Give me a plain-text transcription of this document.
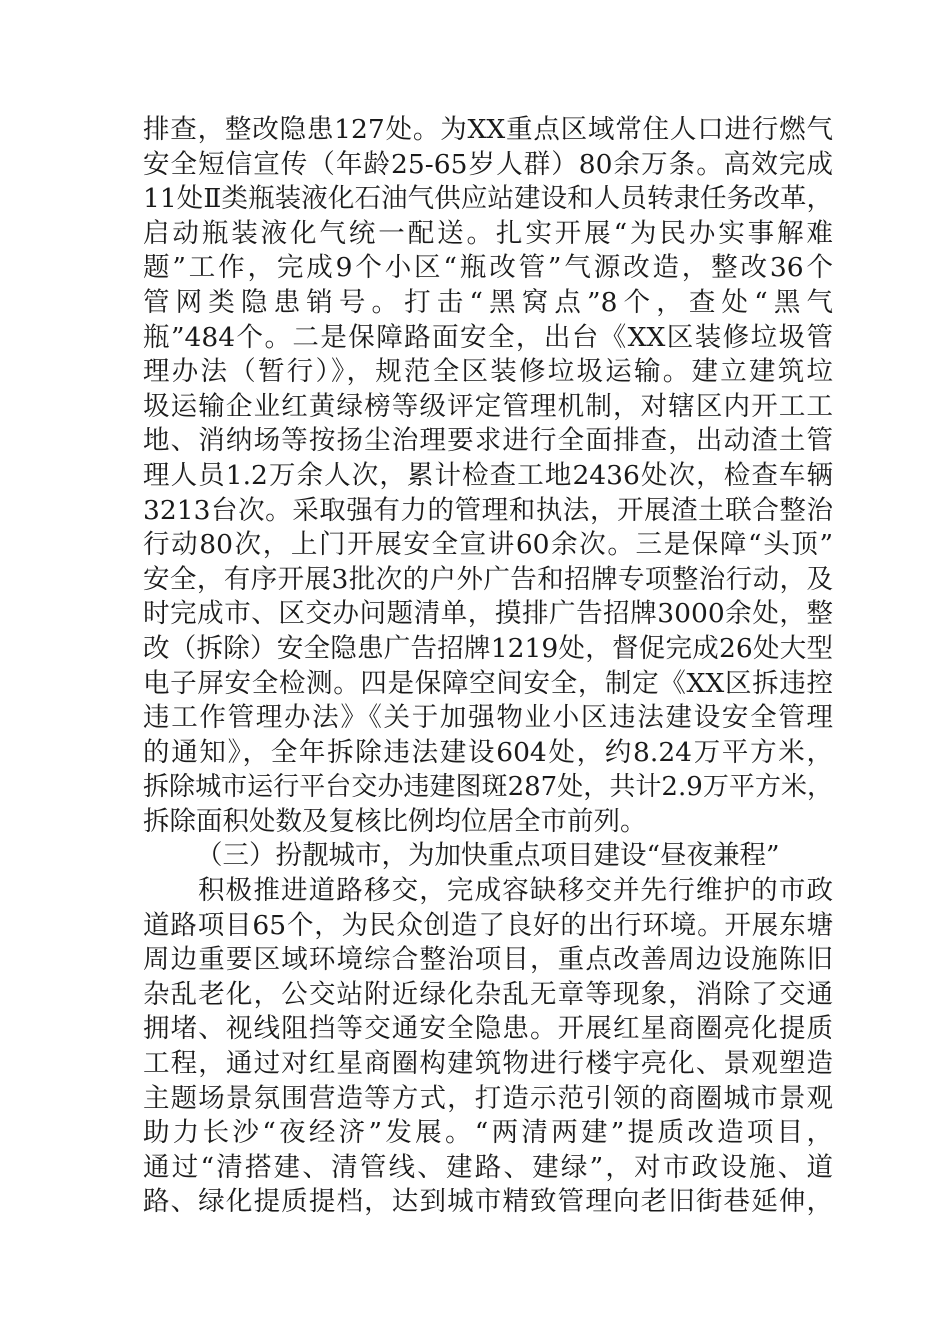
排查，整改隐患127处。为XX重点区域常住人口进行燃气
安全短信宣传（年龄25-65岁人群）80余万条。高效完成
11处Ⅱ类瓶装液化石油气供应站建设和人员转隶任务改革，
启动瓶装液化气统一配送。扎实开展“为民办实事解难
题”工作，完成9个小区“瓶改管”气源改造，整改36个
管网类隐患销号。打击“黑窝点”8个，查处“黑气
瓶”484个。二是保障路面安全，出台《XX区装修垃圾管
理办法（暂行）》，规范全区装修垃圾运输。建立建筑垃
圾运输企业红黄绿榜等级评定管理机制，对辖区内开工工
地、消纳场等按扬尘治理要求进行全面排查，出动渣土管
理人员1.2万余人次，累计检查工地2436处次，检查车辆
3213台次。采取强有力的管理和执法，开展渣土联合整治
行动80次，上门开展安全宣讲60余次。三是保障“头顶”
安全，有序开展3批次的户外广告和招牌专项整治行动，及
时完成市、区交办问题清单，摸排广告招牌3000余处，整
改（拆除）安全隐患广告招牌1219处，督促完成26处大型
电子屏安全检测。四是保障空间安全，制定《XX区拆违控
违工作管理办法》《关于加强物业小区违法建设安全管理
的通知》，全年拆除违法建设604处，约8.24万平方米，
拆除城市运行平台交办违建图斑287处，共计2.9万平方米，
拆除面积处数及复核比例均位居全市前列。
（三）扮靓城市，为加快重点项目建设“昼夜兼程”
积极推进道路移交，完成容缺移交并先行维护的市政
道路项目65个，为民众创造了良好的出行环境。开展东塘
周边重要区域环境综合整治项目，重点改善周边设施陈旧
杂乱老化，公交站附近绿化杂乱无章等现象，消除了交通
拥堵、视线阻挡等交通安全隐患。开展红星商圈亮化提质
工程，通过对红星商圈构建筑物进行楼宇亮化、景观塑造
主题场景氛围营造等方式，打造示范引领的商圈城市景观
助力长沙“夜经济”发展。“两清两建”提质改造项目，
通过“清搭建、清管线、建路、建绿”，对市政设施、道
路、绿化提质提档，达到城市精致管理向老旧街巷延伸，
